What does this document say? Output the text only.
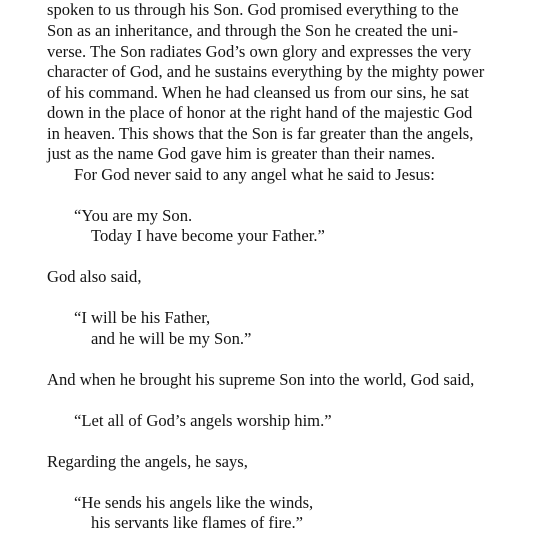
spoken to us through his Son. God promised everything to the
Son as an inheritance, and through the Son he created the uni-
verse. The Son radiates God’s own glory and expresses the very
character of God, and he sustains everything by the mighty power
of his command. When he had cleansed us from our sins, he sat
down in the place of honor at the right hand of the majestic God
in heaven. This shows that the Son is far greater than the angels,
just as the name God gave him is greater than their names.
For God never said to any angel what he said to Jesus:
“You are my Son.
Today I have become your Father.”
God also said,
“I will be his Father,
and he will be my Son.”
And when he brought his supreme Son into the world, God said,
“Let all of God’s angels worship him.”
Regarding the angels, he says,
“He sends his angels like the winds,
his servants like flames of fire.”
